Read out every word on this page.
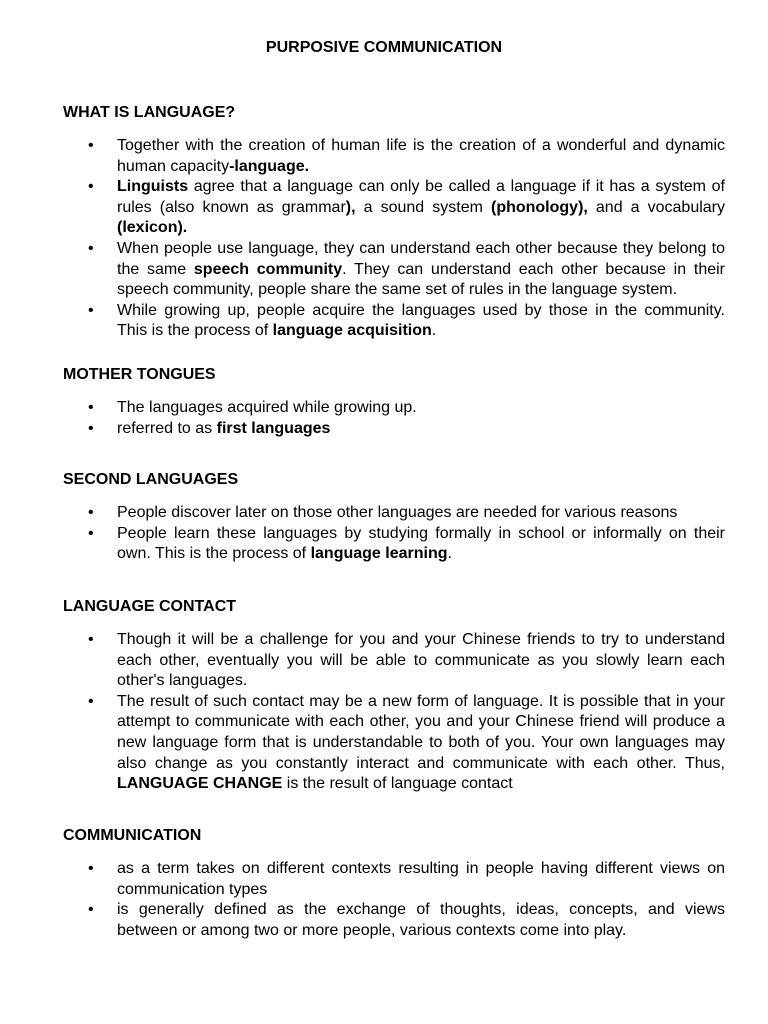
PURPOSIVE COMMUNICATION
WHAT IS LANGUAGE?
• Together with the creation of human life is the creation of a wonderful and dynamic human capacity-language.
• Linguists agree that a language can only be called a language if it has a system of rules (also known as grammar), a sound system (phonology), and a vocabulary (lexicon).
• When people use language, they can understand each other because they belong to the same speech community. They can understand each other because in their speech community, people share the same set of rules in the language system.
• While growing up, people acquire the languages used by those in the community. This is the process of language acquisition.
MOTHER TONGUES
• The languages acquired while growing up.
• referred to as first languages
SECOND LANGUAGES
• People discover later on those other languages are needed for various reasons
• People learn these languages by studying formally in school or informally on their own. This is the process of language learning.
LANGUAGE CONTACT
• Though it will be a challenge for you and your Chinese friends to try to understand each other, eventually you will be able to communicate as you slowly learn each other's languages.
• The result of such contact may be a new form of language. It is possible that in your attempt to communicate with each other, you and your Chinese friend will produce a new language form that is understandable to both of you. Your own languages may also change as you constantly interact and communicate with each other. Thus, LANGUAGE CHANGE is the result of language contact
COMMUNICATION
• as a term takes on different contexts resulting in people having different views on communication types
• is generally defined as the exchange of thoughts, ideas, concepts, and views between or among two or more people, various contexts come into play.
